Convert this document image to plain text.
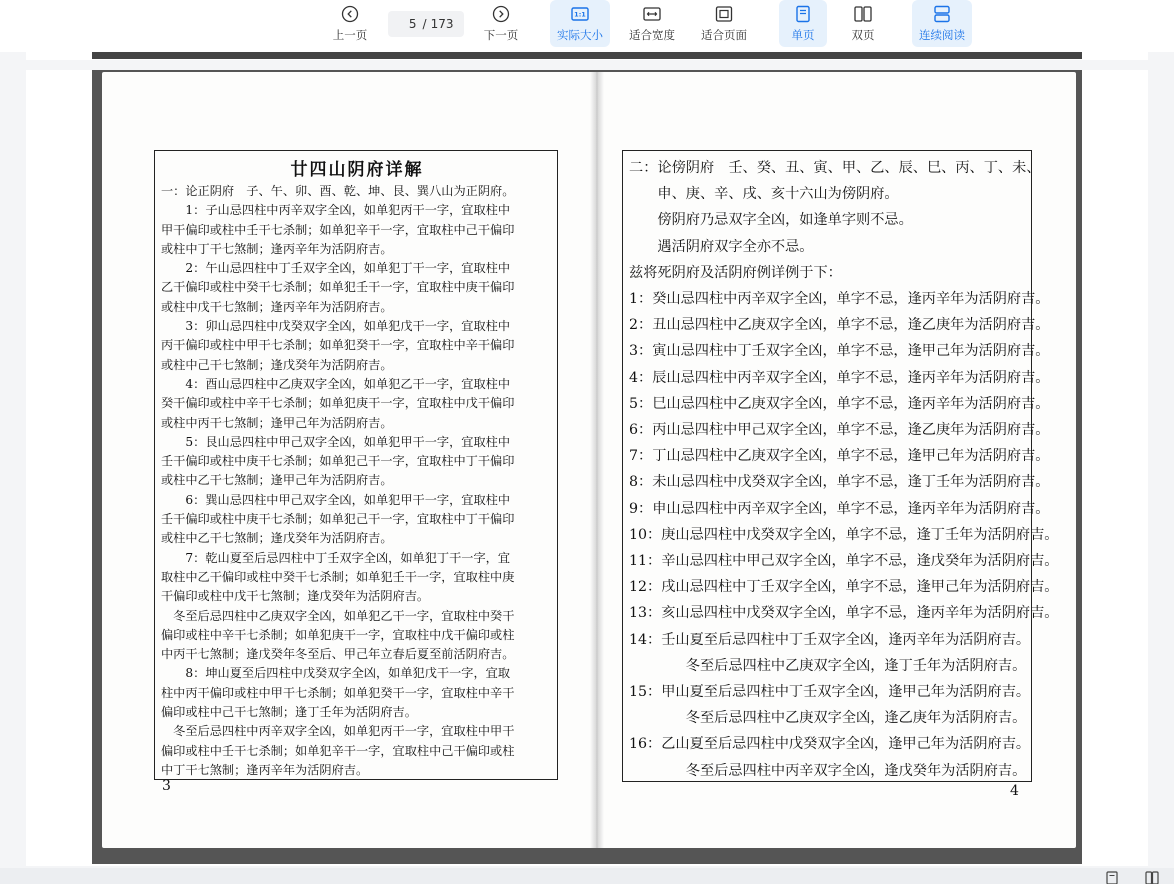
上一页
5
/ 173
下一页
1:1
实际大小 适合宽度 适合页面	单页	双页	连续阅读
廿四山阴府详解
一：论正阴府　子、午、卯、酉、乾、坤、艮、巽八山为正阴府。
　　1：子山忌四柱中丙辛双字全凶，如单犯丙干一字，宜取柱中
甲干偏印或柱中壬干七杀制；如单犯辛干一字，宜取柱中己干偏印
或柱中丁干七煞制；逢丙辛年为活阴府吉。
　　2：午山忌四柱中丁壬双字全凶，如单犯丁干一字，宜取柱中
乙干偏印或柱中癸干七杀制；如单犯壬干一字，宜取柱中庚干偏印
或柱中戊干七煞制；逢丙辛年为活阴府吉。
　　3：卯山忌四柱中戊癸双字全凶，如单犯戊干一字，宜取柱中
丙干偏印或柱中甲干七杀制；如单犯癸干一字，宜取柱中辛干偏印
或柱中己干七煞制；逢戊癸年为活阴府吉。
　　4：酉山忌四柱中乙庚双字全凶，如单犯乙干一字，宜取柱中
癸干偏印或柱中辛干七杀制；如单犯庚干一字，宜取柱中戊干偏印
或柱中丙干七煞制；逢甲己年为活阴府吉。
　　5：艮山忌四柱中甲己双字全凶，如单犯甲干一字，宜取柱中
壬干偏印或柱中庚干七杀制；如单犯己干一字，宜取柱中丁干偏印
或柱中乙干七煞制；逢甲己年为活阴府吉。
　　6：巽山忌四柱中甲己双字全凶，如单犯甲干一字，宜取柱中
壬干偏印或柱中庚干七杀制；如单犯己干一字，宜取柱中丁干偏印
或柱中乙干七煞制；逢戊癸年为活阴府吉。
　　7：乾山夏至后忌四柱中丁壬双字全凶，如单犯丁干一字，宜
取柱中乙干偏印或柱中癸干七杀制；如单犯壬干一字，宜取柱中庚
干偏印或柱中戊干七煞制；逢戊癸年为活阴府吉。
　冬至后忌四柱中乙庚双字全凶，如单犯乙干一字，宜取柱中癸干
偏印或柱中辛干七杀制；如单犯庚干一字，宜取柱中戊干偏印或柱
中丙干七煞制；逢戊癸年冬至后、甲己年立春后夏至前活阴府吉。
　　8：坤山夏至后四柱中戊癸双字全凶，如单犯戊干一字，宜取
柱中丙干偏印或柱中甲干七杀制；如单犯癸干一字，宜取柱中辛干
偏印或柱中己干七煞制；逢丁壬年为活阴府吉。
　冬至后忌四柱中丙辛双字全凶，如单犯丙干一字，宜取柱中甲干
偏印或柱中壬干七杀制；如单犯辛干一字，宜取柱中己干偏印或柱
中丁干七煞制；逢丙辛年为活阴府吉。
3
二：论傍阴府　壬、癸、丑、寅、甲、乙、辰、巳、丙、丁、未、
　　申、庚、辛、戌、亥十六山为傍阴府。
　　傍阴府乃忌双字全凶，如逢单字则不忌。
　　遇活阴府双字全亦不忌。
兹将死阴府及活阴府例详例于下：
1：癸山忌四柱中丙辛双字全凶，单字不忌，逢丙辛年为活阴府吉。
2：丑山忌四柱中乙庚双字全凶，单字不忌，逢乙庚年为活阴府吉。
3：寅山忌四柱中丁壬双字全凶，单字不忌，逢甲己年为活阴府吉。
4：辰山忌四柱中丙辛双字全凶，单字不忌，逢丙辛年为活阴府吉。
5：巳山忌四柱中乙庚双字全凶，单字不忌，逢丙辛年为活阴府吉。
6：丙山忌四柱中甲己双字全凶，单字不忌，逢乙庚年为活阴府吉。
7：丁山忌四柱中乙庚双字全凶，单字不忌，逢甲己年为活阴府吉。
8：未山忌四柱中戊癸双字全凶，单字不忌，逢丁壬年为活阴府吉。
9：申山忌四柱中丙辛双字全凶，单字不忌，逢丙辛年为活阴府吉。
10：庚山忌四柱中戊癸双字全凶，单字不忌，逢丁壬年为活阴府吉。
11：辛山忌四柱中甲己双字全凶，单字不忌，逢戊癸年为活阴府吉。
12：戌山忌四柱中丁壬双字全凶，单字不忌，逢甲己年为活阴府吉。
13：亥山忌四柱中戊癸双字全凶，单字不忌，逢丙辛年为活阴府吉。
14：壬山夏至后忌四柱中丁壬双字全凶，逢丙辛年为活阴府吉。
　　　　冬至后忌四柱中乙庚双字全凶，逢丁壬年为活阴府吉。
15：甲山夏至后忌四柱中丁壬双字全凶，逢甲己年为活阴府吉。
　　　　冬至后忌四柱中乙庚双字全凶，逢乙庚年为活阴府吉。
16：乙山夏至后忌四柱中戊癸双字全凶，逢甲己年为活阴府吉。
　　　　冬至后忌四柱中丙辛双字全凶，逢戊癸年为活阴府吉。
4
